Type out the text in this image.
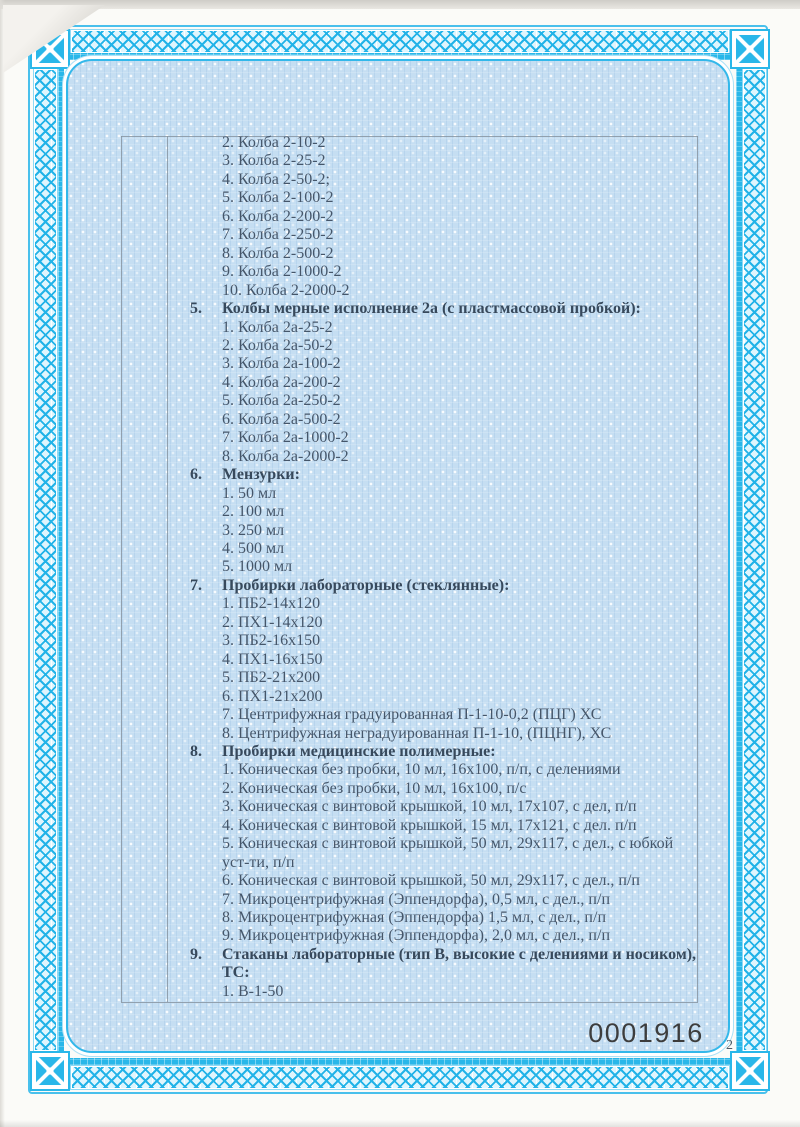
2. Колба 2-10-2
3. Колба 2-25-2
4. Колба 2-50-2;
5. Колба 2-100-2
6. Колба 2-200-2
7. Колба 2-250-2
8. Колба 2-500-2
9. Колба 2-1000-2
10. Колба 2-2000-2
5.	Колбы мерные исполнение 2а (с пластмассовой пробкой):
1. Колба 2а-25-2
2. Колба 2а-50-2
3. Колба 2а-100-2
4. Колба 2а-200-2
5. Колба 2а-250-2
6. Колба 2а-500-2
7. Колба 2а-1000-2
8. Колба 2а-2000-2
6.	Мензурки:
1. 50 мл
2. 100 мл
3. 250 мл
4. 500 мл
5. 1000 мл
7.	Пробирки лабораторные (стеклянные):
1. ПБ2-14х120
2. ПХ1-14х120
3. ПБ2-16х150
4. ПХ1-16х150
5. ПБ2-21х200
6. ПХ1-21х200
7. Центрифужная градуированная П-1-10-0,2 (ПЦГ) ХС
8. Центрифужная неградуированная П-1-10, (ПЦНГ), ХС
8.	Пробирки медицинские полимерные:
1. Коническая без пробки, 10 мл, 16х100, п/п, с делениями
2. Коническая без пробки, 10 мл, 16х100, п/с
3. Коническая с винтовой крышкой, 10 мл, 17х107, с дел, п/п
4. Коническая с винтовой крышкой, 15 мл, 17х121, с дел. п/п
5. Коническая с винтовой крышкой, 50 мл, 29х117, с дел., с юбкой уст-ти, п/п
6. Коническая с винтовой крышкой, 50 мл, 29х117, с дел., п/п
7. Микроцентрифужная (Эппендорфа), 0,5 мл, с дел., п/п
8. Микроцентрифужная (Эппендорфа) 1,5 мл, с дел., п/п
9. Микроцентрифужная (Эппендорфа), 2,0 мл, с дел., п/п
9.	Стаканы лабораторные (тип В, высокие с делениями и носиком), ТС:
1. В-1-50
0001916	2
